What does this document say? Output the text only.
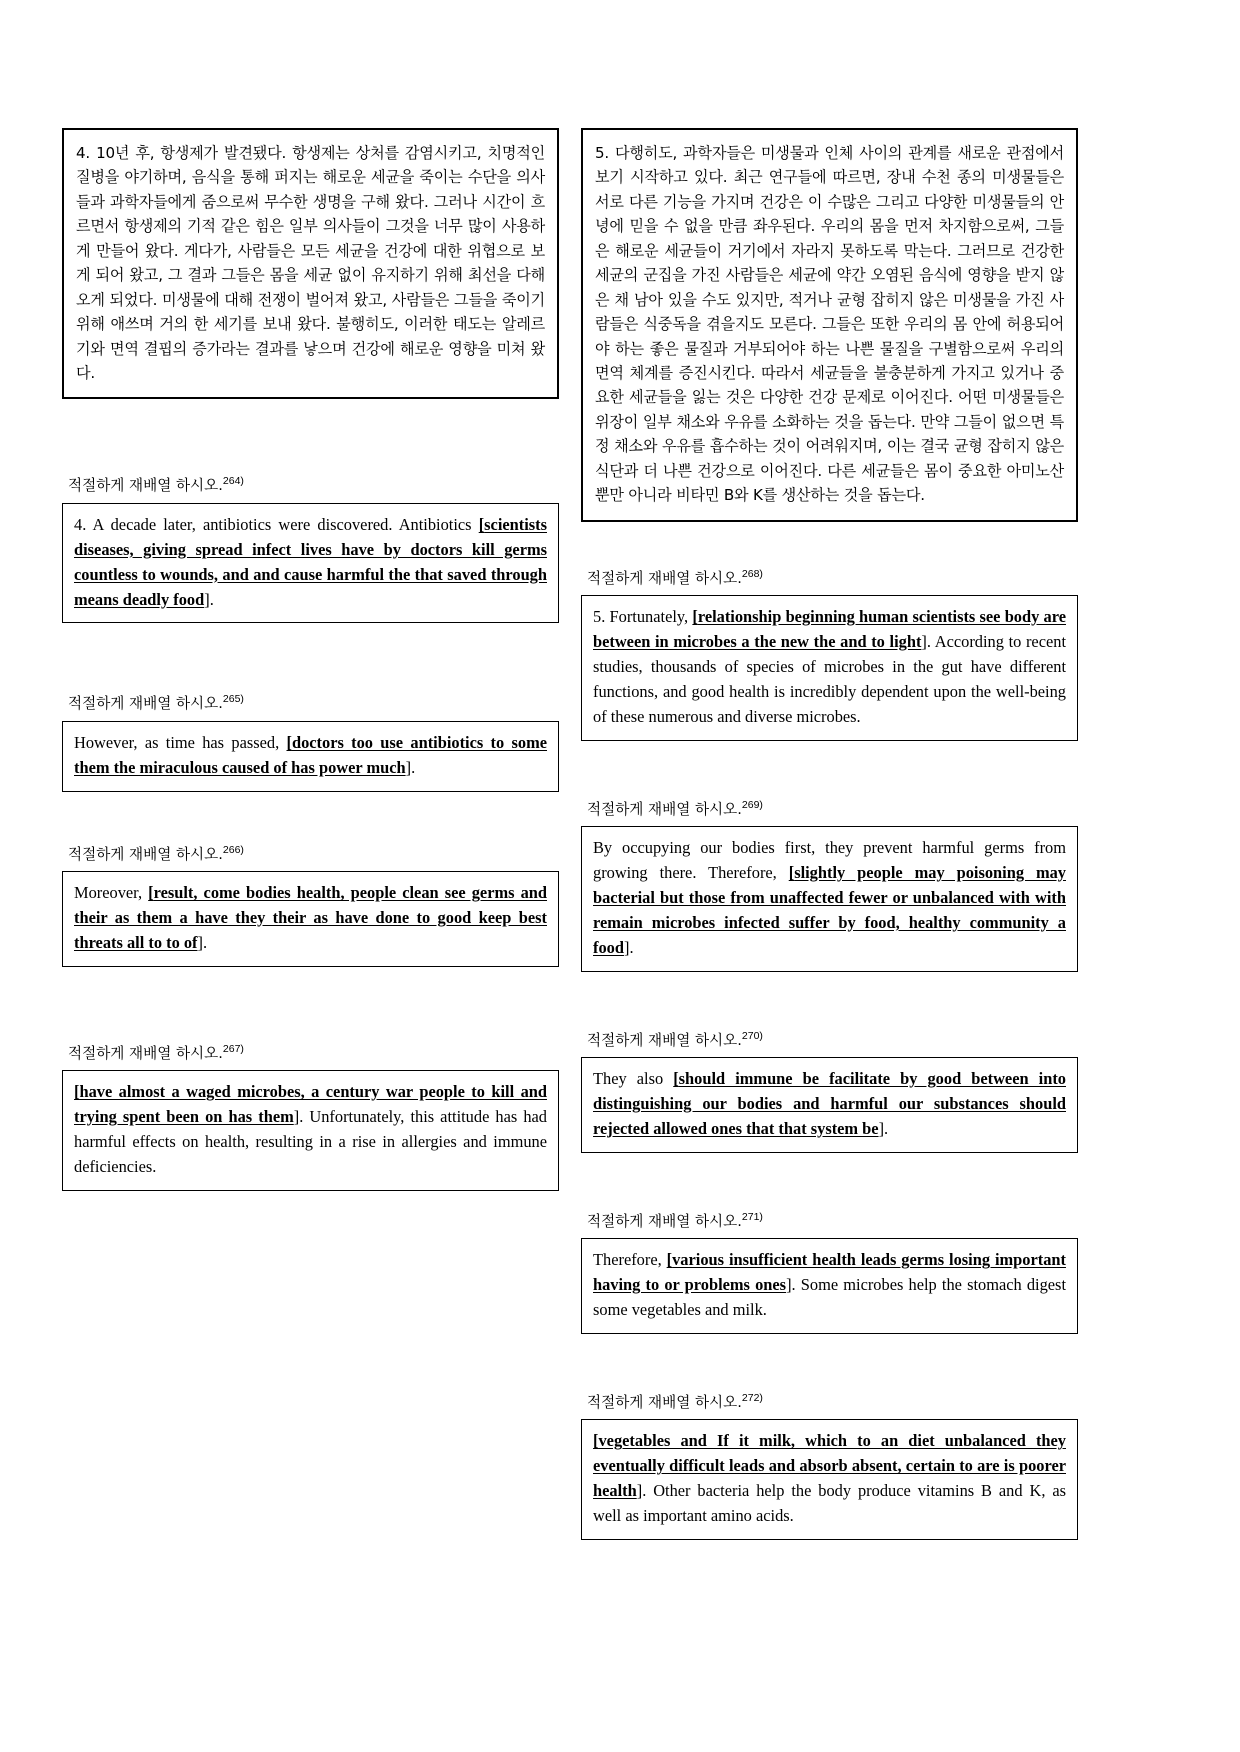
4. 10년 후, 항생제가 발견됐다. 항생제는 상처를 감염시키고, 치명적인 질병을 야기하며, 음식을 통해 퍼지는 해로운 세균을 죽이는 수단을 의사들과 과학자들에게 줌으로써 무수한 생명을 구해 왔다. 그러나 시간이 흐르면서 항생제의 기적 같은 힘은 일부 의사들이 그것을 너무 많이 사용하게 만들어 왔다. 게다가, 사람들은 모든 세균을 건강에 대한 위협으로 보게 되어 왔고, 그 결과 그들은 몸을 세균 없이 유지하기 위해 최선을 다해 오게 되었다. 미생물에 대해 전쟁이 벌어져 왔고, 사람들은 그들을 죽이기 위해 애쓰며 거의 한 세기를 보내 왔다. 불행히도, 이러한 태도는 알레르기와 면역 결핍의 증가라는 결과를 낳으며 건강에 해로운 영향을 미쳐 왔다.

적절하게 재배열 하시오.$^{264)}$

4. A decade later, antibiotics were discovered. Antibiotics [scientists diseases, giving spread infect lives have by doctors kill germs countless to wounds, and and cause harmful the that saved through means deadly food].

적절하게 재배열 하시오.$^{265)}$

However, as time has passed, [doctors too use antibiotics to some them the miraculous caused of has power much].

적절하게 재배열 하시오.$^{266)}$

Moreover, [result, come bodies health, people clean see germs and their as them a have they their as have done to good keep best threats all to to of].

적절하게 재배열 하시오.$^{267)}$

[have almost a waged microbes, a century war people to kill and trying spent been on has them]. Unfortunately, this attitude has had harmful effects on health, resulting in a rise in allergies and immune deficiencies.

5. 다행히도, 과학자들은 미생물과 인체 사이의 관계를 새로운 관점에서 보기 시작하고 있다. 최근 연구들에 따르면, 장내 수천 종의 미생물들은 서로 다른 기능을 가지며 건강은 이 수많은 그리고 다양한 미생물들의 안녕에 믿을 수 없을 만큼 좌우된다. 우리의 몸을 먼저 차지함으로써, 그들은 해로운 세균들이 거기에서 자라지 못하도록 막는다. 그러므로 건강한 세균의 군집을 가진 사람들은 세균에 약간 오염된 음식에 영향을 받지 않은 채 남아 있을 수도 있지만, 적거나 균형 잡히지 않은 미생물을 가진 사람들은 식중독을 겪을지도 모른다. 그들은 또한 우리의 몸 안에 허용되어야 하는 좋은 물질과 거부되어야 하는 나쁜 물질을 구별함으로써 우리의 면역 체계를 증진시킨다. 따라서 세균들을 불충분하게 가지고 있거나 중요한 세균들을 잃는 것은 다양한 건강 문제로 이어진다. 어떤 미생물들은 위장이 일부 채소와 우유를 소화하는 것을 돕는다. 만약 그들이 없으면 특정 채소와 우유를 흡수하는 것이 어려워지며, 이는 결국 균형 잡히지 않은 식단과 더 나쁜 건강으로 이어진다. 다른 세균들은 몸이 중요한 아미노산뿐만 아니라 비타민 B와 K를 생산하는 것을 돕는다.

적절하게 재배열 하시오.$^{268)}$

5. Fortunately, [relationship beginning human scientists see body are between in microbes a the new the and to light]. According to recent studies, thousands of species of microbes in the gut have different functions, and good health is incredibly dependent upon the well-being of these numerous and diverse microbes.

적절하게 재배열 하시오.$^{269)}$

By occupying our bodies first, they prevent harmful germs from growing there. Therefore, [slightly people may poisoning may bacterial but those from unaffected fewer or unbalanced with with remain microbes infected suffer by food, healthy community a food].

적절하게 재배열 하시오.$^{270)}$

They also [should immune be facilitate by good between into distinguishing our bodies and harmful our substances should rejected allowed ones that that system be].

적절하게 재배열 하시오.$^{271)}$

Therefore, [various insufficient health leads germs losing important having to or problems ones]. Some microbes help the stomach digest some vegetables and milk.

적절하게 재배열 하시오.$^{272)}$

[vegetables and If it milk, which to an diet unbalanced they eventually difficult leads and absorb absent, certain to are is poorer health]. Other bacteria help the body produce vitamins B and K, as well as important amino acids.
